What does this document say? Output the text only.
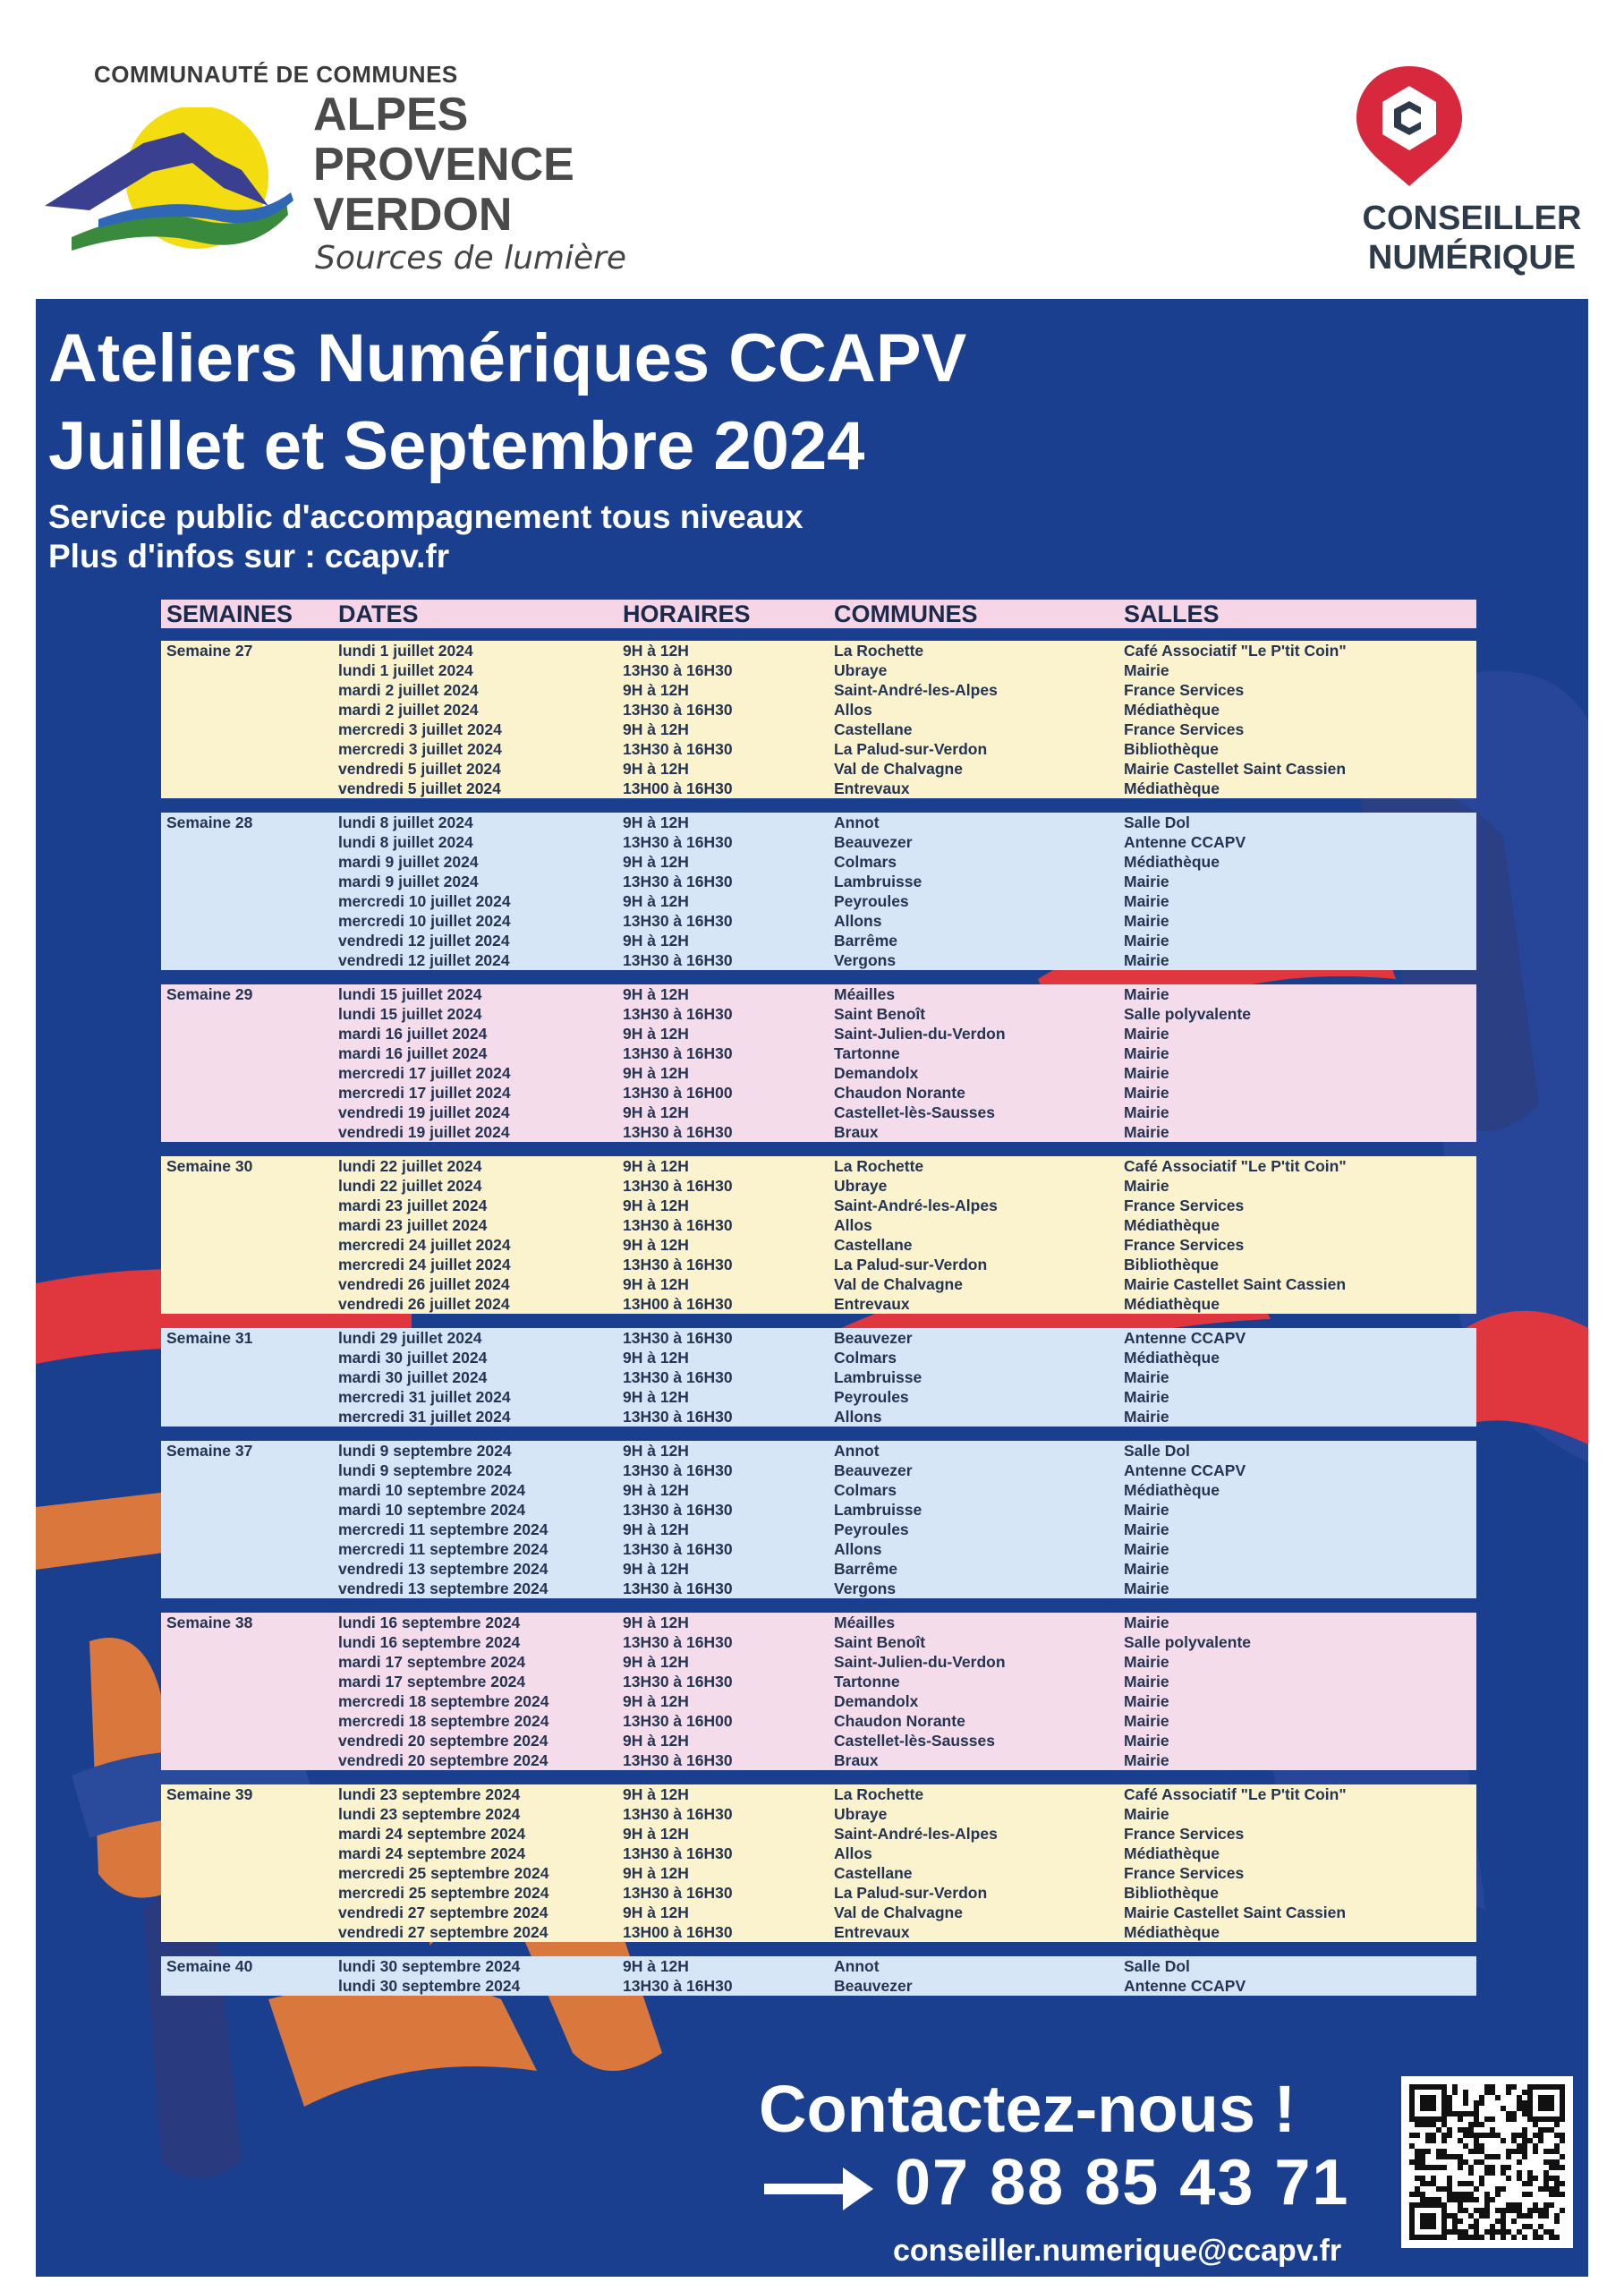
COMMUNAUTÉ DE COMMUNES
ALPES
PROVENCE
VERDON
Sources de lumière
CONSEILLER
NUMÉRIQUE
Ateliers Numériques CCAPV
Juillet et Septembre 2024
Service public d'accompagnement tous niveaux
Plus d'infos sur : ccapv.fr
SEMAINES DATES	HORAIRES	COMMUNES	SALLES
Semaine 27	lundi 1 juillet 2024	9H à 12H	La Rochette	Café Associatif "Le P'tit Coin"
lundi 1 juillet 2024	13H30 à 16H30	Ubraye	Mairie
mardi 2 juillet 2024	9H à 12H	Saint-André-les-Alpes	France Services
mardi 2 juillet 2024	13H30 à 16H30	Allos	Médiathèque
mercredi 3 juillet 2024	9H à 12H	Castellane	France Services
mercredi 3 juillet 2024	13H30 à 16H30	La Palud-sur-Verdon	Bibliothèque
vendredi 5 juillet 2024	9H à 12H	Val de Chalvagne	Mairie Castellet Saint Cassien
vendredi 5 juillet 2024	13H00 à 16H30	Entrevaux	Médiathèque
Semaine 28	lundi 8 juillet 2024	9H à 12H	Annot	Salle Dol
lundi 8 juillet 2024	13H30 à 16H30	Beauvezer	Antenne CCAPV
mardi 9 juillet 2024	9H à 12H	Colmars	Médiathèque
mardi 9 juillet 2024	13H30 à 16H30	Lambruisse	Mairie
mercredi 10 juillet 2024	9H à 12H	Peyroules	Mairie
mercredi 10 juillet 2024	13H30 à 16H30	Allons	Mairie
vendredi 12 juillet 2024	9H à 12H	Barrême	Mairie
vendredi 12 juillet 2024	13H30 à 16H30	Vergons	Mairie
Semaine 29	lundi 15 juillet 2024	9H à 12H	Méailles	Mairie
lundi 15 juillet 2024	13H30 à 16H30	Saint Benoît	Salle polyvalente
mardi 16 juillet 2024	9H à 12H	Saint-Julien-du-Verdon	Mairie
mardi 16 juillet 2024	13H30 à 16H30	Tartonne	Mairie
mercredi 17 juillet 2024	9H à 12H	Demandolx	Mairie
mercredi 17 juillet 2024	13H30 à 16H00	Chaudon Norante	Mairie
vendredi 19 juillet 2024	9H à 12H	Castellet-lès-Sausses	Mairie
vendredi 19 juillet 2024	13H30 à 16H30	Braux	Mairie
Semaine 30	lundi 22 juillet 2024	9H à 12H	La Rochette	Café Associatif "Le P'tit Coin"
lundi 22 juillet 2024	13H30 à 16H30	Ubraye	Mairie
mardi 23 juillet 2024	9H à 12H	Saint-André-les-Alpes	France Services
mardi 23 juillet 2024	13H30 à 16H30	Allos	Médiathèque
mercredi 24 juillet 2024	9H à 12H	Castellane	France Services
mercredi 24 juillet 2024	13H30 à 16H30	La Palud-sur-Verdon	Bibliothèque
vendredi 26 juillet 2024	9H à 12H	Val de Chalvagne	Mairie Castellet Saint Cassien
vendredi 26 juillet 2024	13H00 à 16H30	Entrevaux	Médiathèque
Semaine 31	lundi 29 juillet 2024	13H30 à 16H30	Beauvezer	Antenne CCAPV
mardi 30 juillet 2024	9H à 12H	Colmars	Médiathèque
mardi 30 juillet 2024	13H30 à 16H30	Lambruisse	Mairie
mercredi 31 juillet 2024	9H à 12H	Peyroules	Mairie
mercredi 31 juillet 2024	13H30 à 16H30	Allons	Mairie
Semaine 37	lundi 9 septembre 2024	9H à 12H	Annot	Salle Dol
lundi 9 septembre 2024	13H30 à 16H30	Beauvezer	Antenne CCAPV
mardi 10 septembre 2024	9H à 12H	Colmars	Médiathèque
mardi 10 septembre 2024	13H30 à 16H30	Lambruisse	Mairie
mercredi 11 septembre 2024	9H à 12H	Peyroules	Mairie
mercredi 11 septembre 2024	13H30 à 16H30	Allons	Mairie
vendredi 13 septembre 2024	9H à 12H	Barrême	Mairie
vendredi 13 septembre 2024	13H30 à 16H30	Vergons	Mairie
Semaine 38	lundi 16 septembre 2024	9H à 12H	Méailles	Mairie
lundi 16 septembre 2024	13H30 à 16H30	Saint Benoît	Salle polyvalente
mardi 17 septembre 2024	9H à 12H	Saint-Julien-du-Verdon	Mairie
mardi 17 septembre 2024	13H30 à 16H30	Tartonne	Mairie
mercredi 18 septembre 2024	9H à 12H	Demandolx	Mairie
mercredi 18 septembre 2024	13H30 à 16H00	Chaudon Norante	Mairie
vendredi 20 septembre 2024	9H à 12H	Castellet-lès-Sausses	Mairie
vendredi 20 septembre 2024	13H30 à 16H30	Braux	Mairie
Semaine 39	lundi 23 septembre 2024	9H à 12H	La Rochette	Café Associatif "Le P'tit Coin"
lundi 23 septembre 2024	13H30 à 16H30	Ubraye	Mairie
mardi 24 septembre 2024	9H à 12H	Saint-André-les-Alpes	France Services
mardi 24 septembre 2024	13H30 à 16H30	Allos	Médiathèque
mercredi 25 septembre 2024	9H à 12H	Castellane	France Services
mercredi 25 septembre 2024	13H30 à 16H30	La Palud-sur-Verdon	Bibliothèque
vendredi 27 septembre 2024	9H à 12H	Val de Chalvagne	Mairie Castellet Saint Cassien
vendredi 27 septembre 2024	13H00 à 16H30	Entrevaux	Médiathèque
Semaine 40	lundi 30 septembre 2024	9H à 12H	Annot	Salle Dol
lundi 30 septembre 2024	13H30 à 16H30	Beauvezer	Antenne CCAPV
Contactez-nous !
07 88 85 43 71
conseiller.numerique@ccapv.fr
